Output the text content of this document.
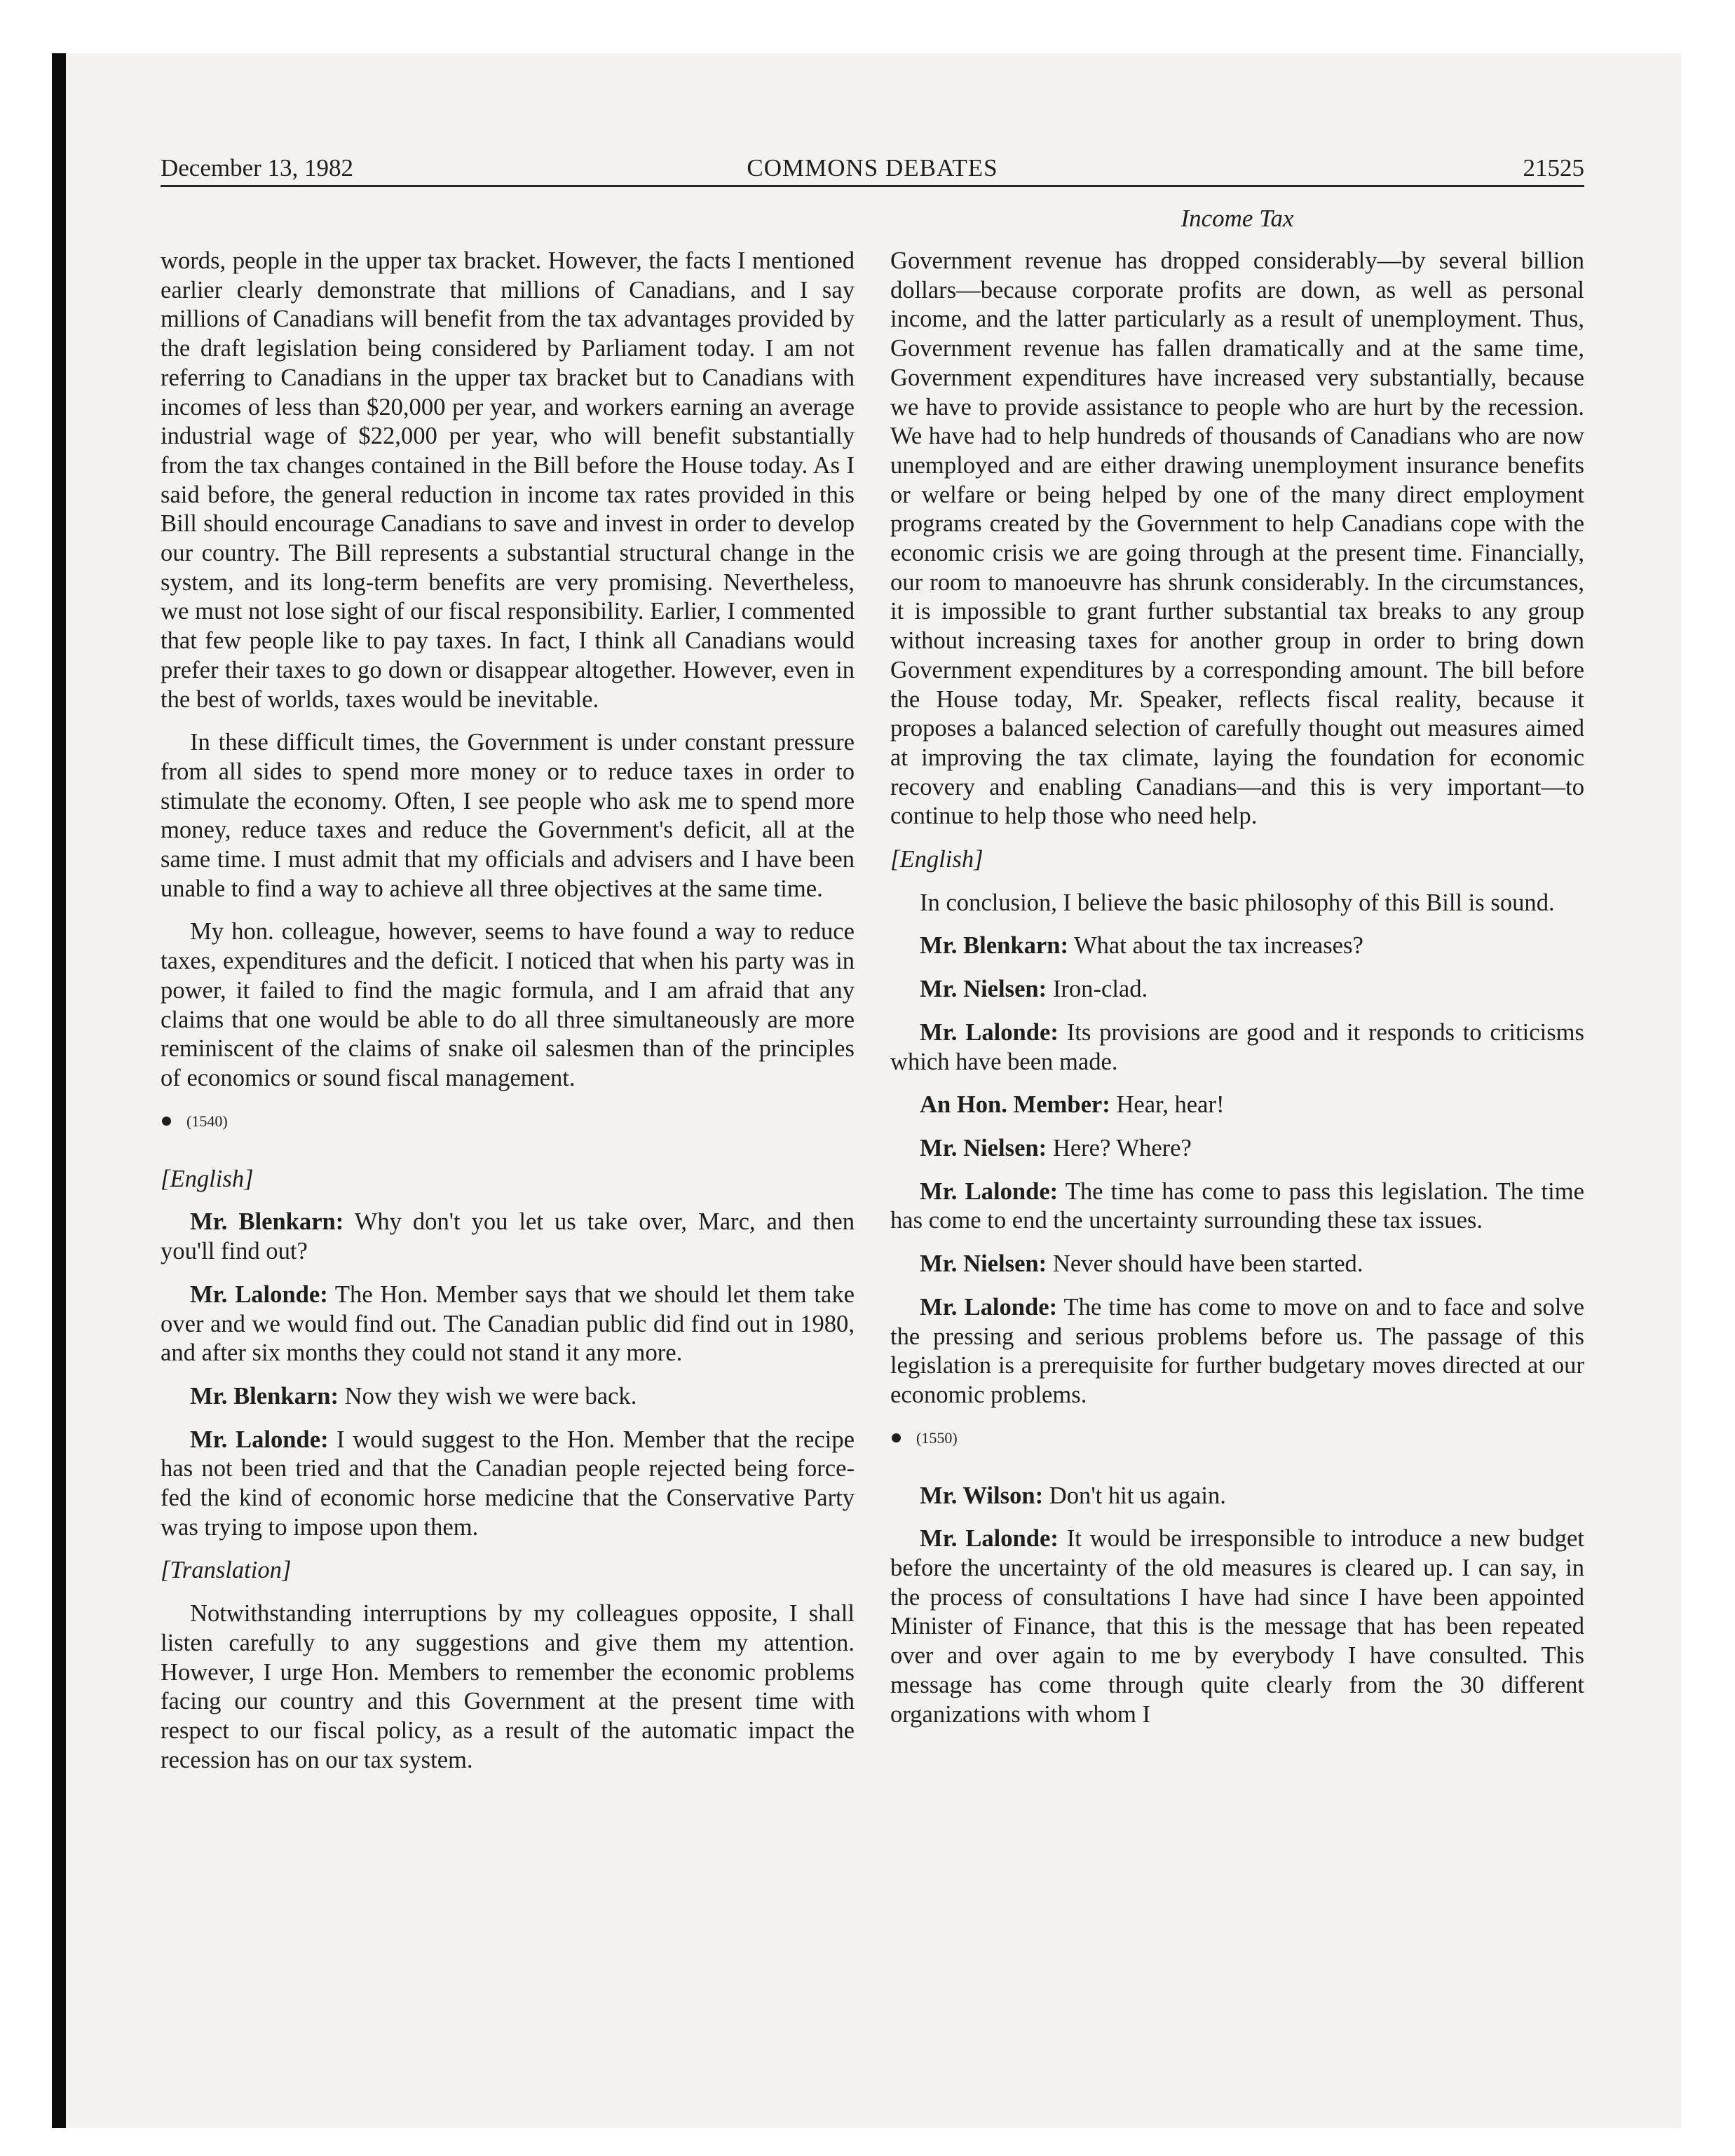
December 13, 1982	COMMONS DEBATES	21525
Income Tax

words, people in the upper tax bracket. However, the facts I mentioned earlier clearly demonstrate that millions of Canadians, and I say millions of Canadians will benefit from the tax advantages provided by the draft legislation being considered by Parliament today. I am not referring to Canadians in the upper tax bracket but to Canadians with incomes of less than $20,000 per year, and workers earning an average industrial wage of $22,000 per year, who will benefit substantially from the tax changes contained in the Bill before the House today. As I said before, the general reduction in income tax rates provided in this Bill should encourage Canadians to save and invest in order to develop our country. The Bill represents a substantial structural change in the system, and its long-term benefits are very promising. Nevertheless, we must not lose sight of our fiscal responsibility. Earlier, I commented that few people like to pay taxes. In fact, I think all Canadians would prefer their taxes to go down or disappear altogether. However, even in the best of worlds, taxes would be inevitable.

In these difficult times, the Government is under constant pressure from all sides to spend more money or to reduce taxes in order to stimulate the economy. Often, I see people who ask me to spend more money, reduce taxes and reduce the Government's deficit, all at the same time. I must admit that my officials and advisers and I have been unable to find a way to achieve all three objectives at the same time.

My hon. colleague, however, seems to have found a way to reduce taxes, expenditures and the deficit. I noticed that when his party was in power, it failed to find the magic formula, and I am afraid that any claims that one would be able to do all three simultaneously are more reminiscent of the claims of snake oil salesmen than of the principles of economics or sound fiscal management.

(1540)

[English]

Mr. Blenkarn: Why don't you let us take over, Marc, and then you'll find out?

Mr. Lalonde: The Hon. Member says that we should let them take over and we would find out. The Canadian public did find out in 1980, and after six months they could not stand it any more.

Mr. Blenkarn: Now they wish we were back.

Mr. Lalonde: I would suggest to the Hon. Member that the recipe has not been tried and that the Canadian people rejected being force-fed the kind of economic horse medicine that the Conservative Party was trying to impose upon them.

[Translation]

Notwithstanding interruptions by my colleagues opposite, I shall listen carefully to any suggestions and give them my attention. However, I urge Hon. Members to remember the economic problems facing our country and this Government at the present time with respect to our fiscal policy, as a result of the automatic impact the recession has on our tax system.

Government revenue has dropped considerably—by several billion dollars—because corporate profits are down, as well as personal income, and the latter particularly as a result of unemployment. Thus, Government revenue has fallen dramatically and at the same time, Government expenditures have increased very substantially, because we have to provide assistance to people who are hurt by the recession. We have had to help hundreds of thousands of Canadians who are now unemployed and are either drawing unemployment insurance benefits or welfare or being helped by one of the many direct employment programs created by the Government to help Canadians cope with the economic crisis we are going through at the present time. Financially, our room to manoeuvre has shrunk considerably. In the circumstances, it is impossible to grant further substantial tax breaks to any group without increasing taxes for another group in order to bring down Government expenditures by a corresponding amount. The bill before the House today, Mr. Speaker, reflects fiscal reality, because it proposes a balanced selection of carefully thought out measures aimed at improving the tax climate, laying the foundation for economic recovery and enabling Canadians—and this is very important—to continue to help those who need help.

[English]

In conclusion, I believe the basic philosophy of this Bill is sound.

Mr. Blenkarn: What about the tax increases?

Mr. Nielsen: Iron-clad.

Mr. Lalonde: Its provisions are good and it responds to criticisms which have been made.

An Hon. Member: Hear, hear!

Mr. Nielsen: Here? Where?

Mr. Lalonde: The time has come to pass this legislation. The time has come to end the uncertainty surrounding these tax issues.

Mr. Nielsen: Never should have been started.

Mr. Lalonde: The time has come to move on and to face and solve the pressing and serious problems before us. The passage of this legislation is a prerequisite for further budgetary moves directed at our economic problems.

(1550)

Mr. Wilson: Don't hit us again.

Mr. Lalonde: It would be irresponsible to introduce a new budget before the uncertainty of the old measures is cleared up. I can say, in the process of consultations I have had since I have been appointed Minister of Finance, that this is the message that has been repeated over and over again to me by everybody I have consulted. This message has come through quite clearly from the 30 different organizations with whom I
